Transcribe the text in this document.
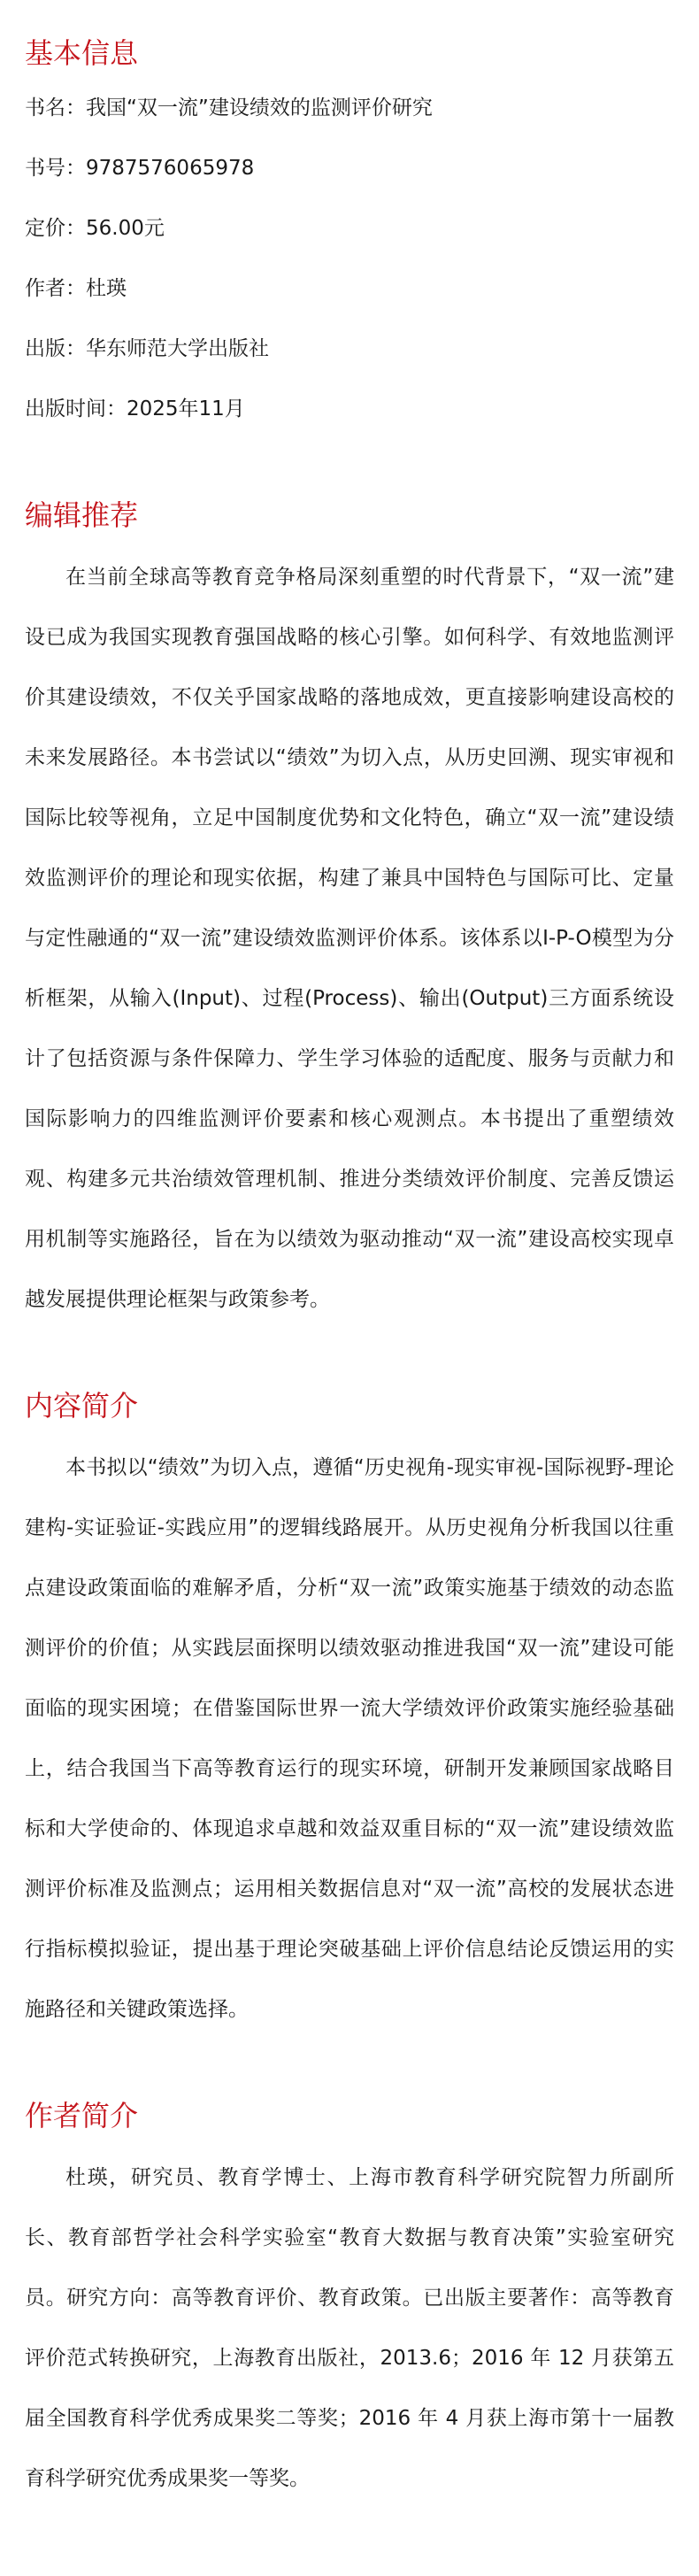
基本信息

书名：我国“双一流”建设绩效的监测评价研究

书号：9787576065978

定价：56.00元

作者：杜瑛

出版：华东师范大学出版社

出版时间：2025年11月

编辑推荐

在当前全球高等教育竞争格局深刻重塑的时代背景下，“双一流”建设已成为我国实现教育强国战略的核心引擎。如何科学、有效地监测评价其建设绩效，不仅关乎国家战略的落地成效，更直接影响建设高校的未来发展路径。本书尝试以“绩效”为切入点，从历史回溯、现实审视和国际比较等视角，立足中国制度优势和文化特色，确立“双一流”建设绩效监测评价的理论和现实依据，构建了兼具中国特色与国际可比、定量与定性融通的“双一流”建设绩效监测评价体系。该体系以I-P-O模型为分析框架，从输入(Input)、过程(Process)、输出(Output)三方面系统设计了包括资源与条件保障力、学生学习体验的适配度、服务与贡献力和国际影响力的四维监测评价要素和核心观测点。本书提出了重塑绩效观、构建多元共治绩效管理机制、推进分类绩效评价制度、完善反馈运用机制等实施路径，旨在为以绩效为驱动推动“双一流”建设高校实现卓越发展提供理论框架与政策参考。

内容简介

本书拟以“绩效”为切入点，遵循“历史视角-现实审视-国际视野-理论建构-实证验证-实践应用”的逻辑线路展开。从历史视角分析我国以往重点建设政策面临的难解矛盾，分析“双一流”政策实施基于绩效的动态监测评价的价值；从实践层面探明以绩效驱动推进我国“双一流”建设可能面临的现实困境；在借鉴国际世界一流大学绩效评价政策实施经验基础上，结合我国当下高等教育运行的现实环境，研制开发兼顾国家战略目标和大学使命的、体现追求卓越和效益双重目标的“双一流”建设绩效监测评价标准及监测点；运用相关数据信息对“双一流”高校的发展状态进行指标模拟验证，提出基于理论突破基础上评价信息结论反馈运用的实施路径和关键政策选择。

作者简介

杜瑛，研究员、教育学博士、上海市教育科学研究院智力所副所长、教育部哲学社会科学实验室“教育大数据与教育决策”实验室研究员。研究方向：高等教育评价、教育政策。已出版主要著作：高等教育评价范式转换研究，上海教育出版社，2013.6；2016 年 12 月获第五届全国教育科学优秀成果奖二等奖；2016 年 4 月获上海市第十一届教育科学研究优秀成果奖一等奖。
